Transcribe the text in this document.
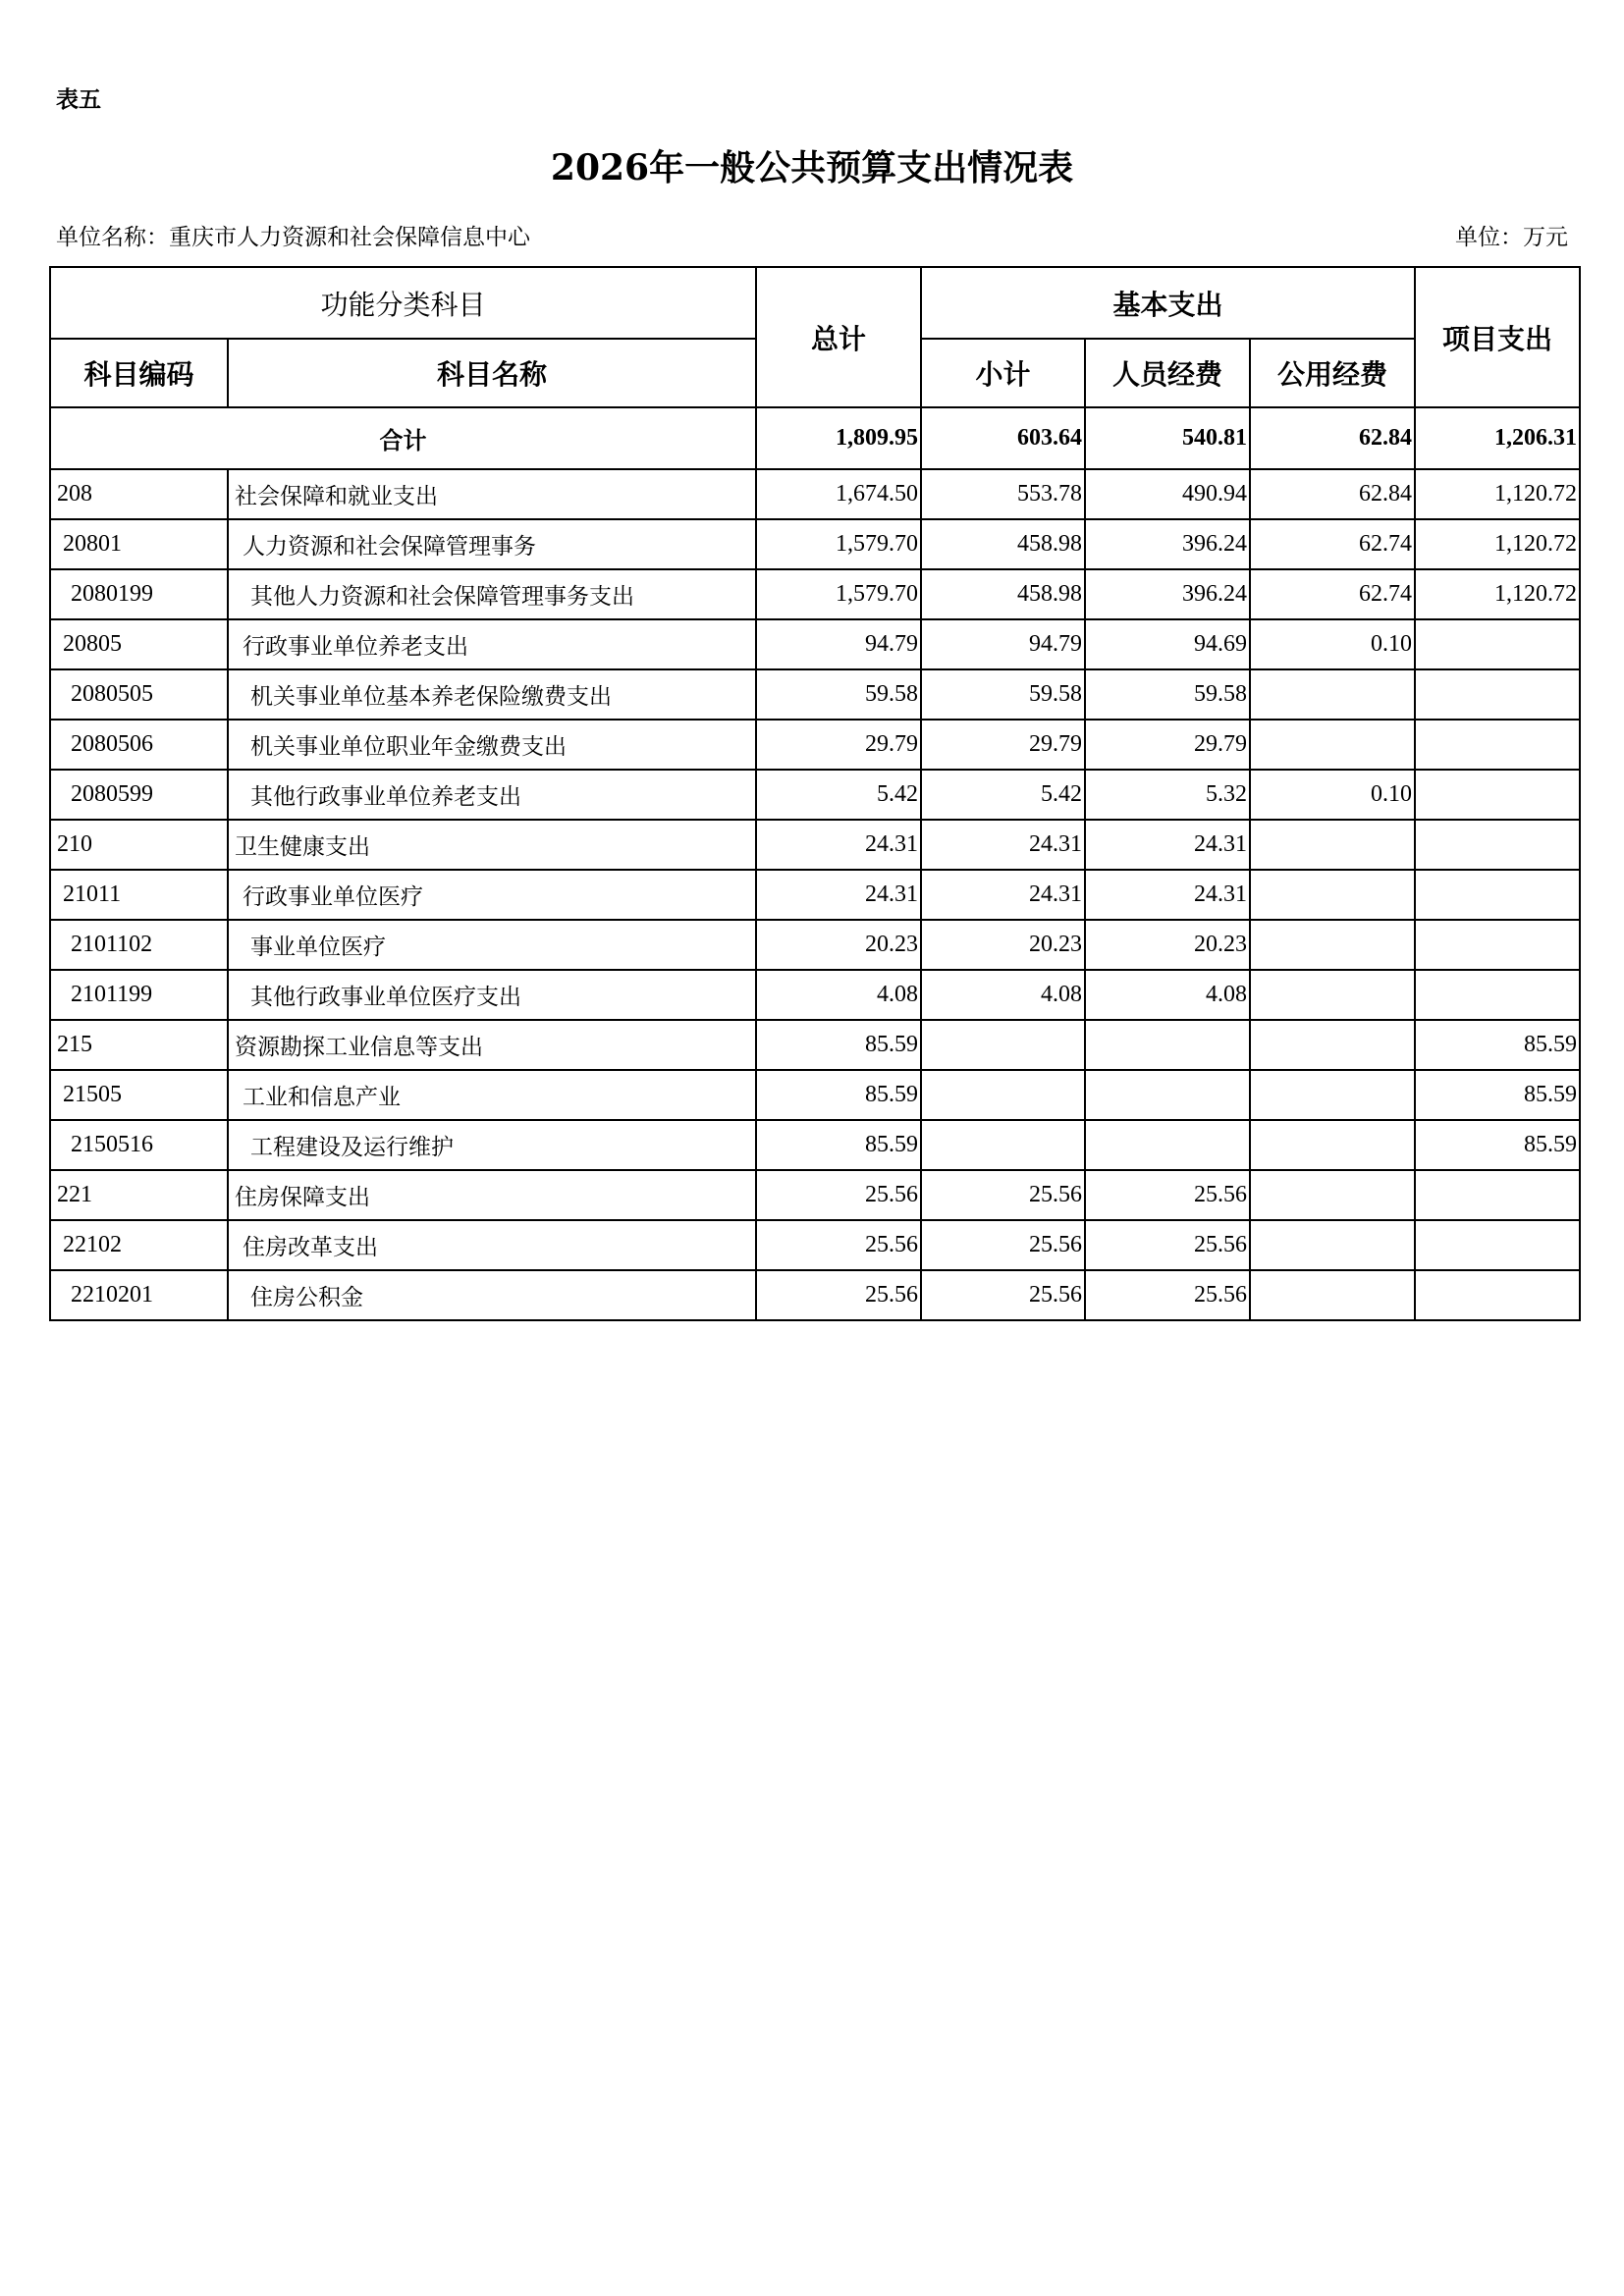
表五
2026年一般公共预算支出情况表
单位名称：重庆市人力资源和社会保障信息中心	单位：万元
功能分类科目		总计	基本支出			项目支出
科目编码	科目名称		小计	人员经费	公用经费	
合计		1,809.95	603.64	540.81	62.84	1,206.31
208	社会保障和就业支出	1,674.50	553.78	490.94	62.84	1,120.72
20801	人力资源和社会保障管理事务	1,579.70	458.98	396.24	62.74	1,120.72
2080199	其他人力资源和社会保障管理事务支出	1,579.70	458.98	396.24	62.74	1,120.72
20805	行政事业单位养老支出	94.79	94.79	94.69	0.10	
2080505	机关事业单位基本养老保险缴费支出	59.58	59.58	59.58		
2080506	机关事业单位职业年金缴费支出	29.79	29.79	29.79		
2080599	其他行政事业单位养老支出	5.42	5.42	5.32	0.10	
210	卫生健康支出	24.31	24.31	24.31		
21011	行政事业单位医疗	24.31	24.31	24.31		
2101102	事业单位医疗	20.23	20.23	20.23		
2101199	其他行政事业单位医疗支出	4.08	4.08	4.08		
215	资源勘探工业信息等支出	85.59				85.59
21505	工业和信息产业	85.59				85.59
2150516	工程建设及运行维护	85.59				85.59
221	住房保障支出	25.56	25.56	25.56		
22102	住房改革支出	25.56	25.56	25.56		
2210201	住房公积金	25.56	25.56	25.56		
